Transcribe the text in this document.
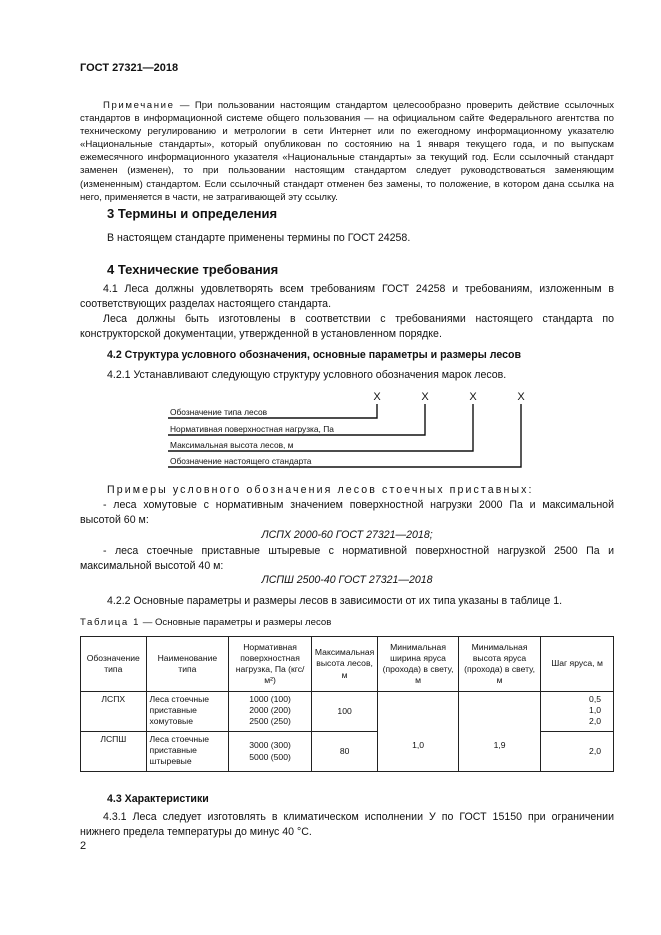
ГОСТ 27321—2018
Примечание — При пользовании настоящим стандартом целесообразно проверить действие ссылочных стандартов в информационной системе общего пользования — на официальном сайте Федерального агентства по техническому регулированию и метрологии в сети Интернет или по ежегодному информационному указателю «Национальные стандарты», который опубликован по состоянию на 1 января текущего года, и по выпускам ежемесячного информационного указателя «Национальные стандарты» за текущий год. Если ссылочный стандарт заменен (изменен), то при пользовании настоящим стандартом следует руководствоваться заменяющим (измененным) стандартом. Если ссылочный стандарт отменен без замены, то положение, в котором дана ссылка на него, применяется в части, не затрагивающей эту ссылку.
3 Термины и определения
В настоящем стандарте применены термины по ГОСТ 24258.
4 Технические требования
4.1 Леса должны удовлетворять всем требованиям ГОСТ 24258 и требованиям, изложенным в соответствующих разделах настоящего стандарта.
Леса должны быть изготовлены в соответствии с требованиями настоящего стандарта по конструкторской документации, утвержденной в установленном порядке.
4.2 Структура условного обозначения, основные параметры и размеры лесов
4.2.1 Устанавливают следующую структуру условного обозначения марок лесов.
Х	Х	Х	Х
Обозначение типа лесов
Нормативная поверхностная нагрузка, Па
Максимальная высота лесов, м
Обозначение настоящего стандарта
Примеры условного обозначения лесов стоечных приставных:
- леса хомутовые с нормативным значением поверхностной нагрузки 2000 Па и максимальной высотой 60 м:
ЛСПХ 2000-60 ГОСТ 27321—2018;
- леса стоечные приставные штыревые с нормативной поверхностной нагрузкой 2500 Па и максимальной высотой 40 м:
ЛСПШ 2500-40 ГОСТ 27321—2018
4.2.2 Основные параметры и размеры лесов в зависимости от их типа указаны в таблице 1.
Таблица 1 — Основные параметры и размеры лесов
Обозначение типа	Наименование типа	Нормативная поверхностная нагрузка, Па (кгс/м²)	Максимальная высота лесов, м	Минимальная ширина яруса (прохода) в свету, м	Минимальная высота яруса (прохода) в свету, м	Шаг яруса, м
ЛСПХ	Леса стоечные приставные хомутовые	1000 (100)
2000 (200)
2500 (250)	100	1,0	1,9	0,5
1,0
2,0
ЛСПШ	Леса стоечные приставные штыревые	3000 (300)
5000 (500)	80			2,0
4.3 Характеристики
4.3.1 Леса следует изготовлять в климатическом исполнении У по ГОСТ 15150 при ограничении нижнего предела температуры до минус 40 °С.
2
